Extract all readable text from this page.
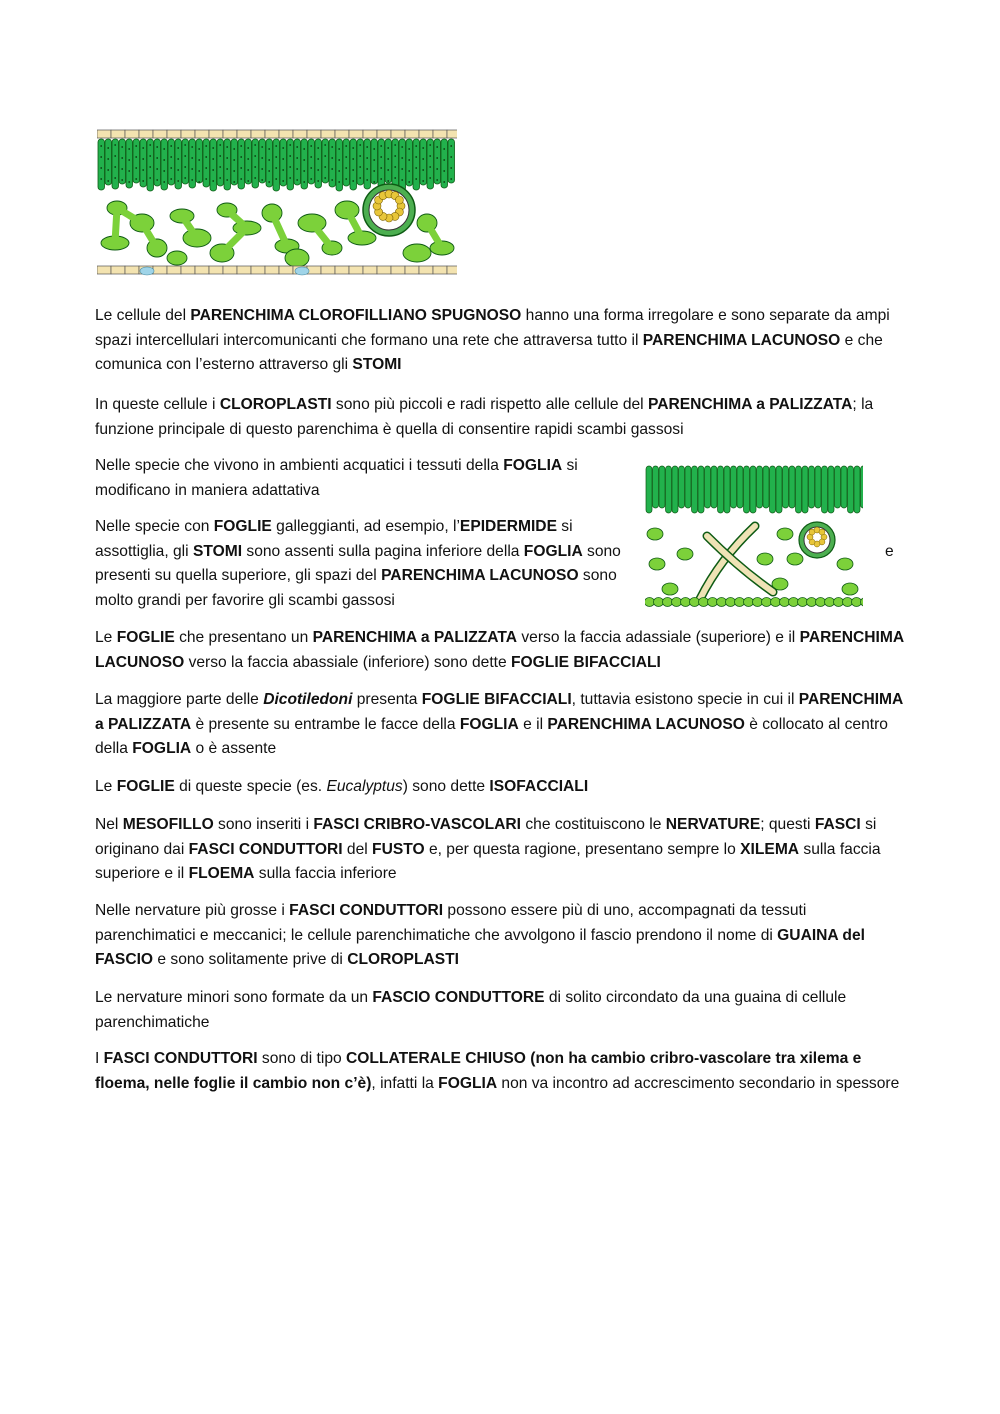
Le cellule del PARENCHIMA CLOROFILLIANO SPUGNOSO hanno una forma irregolare e sono separate da ampi spazi intercellulari intercomunicanti che formano una rete che attraversa tutto il PARENCHIMA LACUNOSO e che comunica con l’esterno attraverso gli STOMI

In queste cellule i CLOROPLASTI sono più piccoli e radi rispetto alle cellule del PARENCHIMA a PALIZZATA; la funzione principale di questo parenchima è quella di consentire rapidi scambi gassosi

Nelle specie che vivono in ambienti acquatici i tessuti della FOGLIA si modificano in maniera adattativa

Nelle specie con FOGLIE galleggianti, ad esempio, l’EPIDERMIDE si assottiglia, gli STOMI sono assenti sulla pagina inferiore della FOGLIA sono presenti su quella superiore, gli spazi del PARENCHIMA LACUNOSO sono molto grandi per favorire gli scambi gassosi

e

Le FOGLIE che presentano un PARENCHIMA a PALIZZATA verso la faccia adassiale (superiore) e il PARENCHIMA LACUNOSO verso la faccia abassiale (inferiore) sono dette FOGLIE BIFACCIALI

La maggiore parte delle Dicotiledoni presenta FOGLIE BIFACCIALI, tuttavia esistono specie in cui il PARENCHIMA a PALIZZATA è presente su entrambe le facce della FOGLIA e il PARENCHIMA LACUNOSO è collocato al centro della FOGLIA o è assente

Le FOGLIE di queste specie (es. Eucalyptus) sono dette ISOFACCIALI

Nel MESOFILLO sono inseriti i FASCI CRIBRO-VASCOLARI che costituiscono le NERVATURE; questi FASCI si originano dai FASCI CONDUTTORI del FUSTO e, per questa ragione, presentano sempre lo XILEMA sulla faccia superiore e il FLOEMA sulla faccia inferiore

Nelle nervature più grosse i FASCI CONDUTTORI possono essere più di uno, accompagnati da tessuti parenchimatici e meccanici; le cellule parenchimatiche che avvolgono il fascio prendono il nome di GUAINA del FASCIO e sono solitamente prive di CLOROPLASTI

Le nervature minori sono formate da un FASCIO CONDUTTORE di solito circondato da una guaina di cellule parenchimatiche

I FASCI CONDUTTORI sono di tipo COLLATERALE CHIUSO (non ha cambio cribro-vascolare tra xilema e floema, nelle foglie il cambio non c’è), infatti la FOGLIA non va incontro ad accrescimento secondario in spessore
